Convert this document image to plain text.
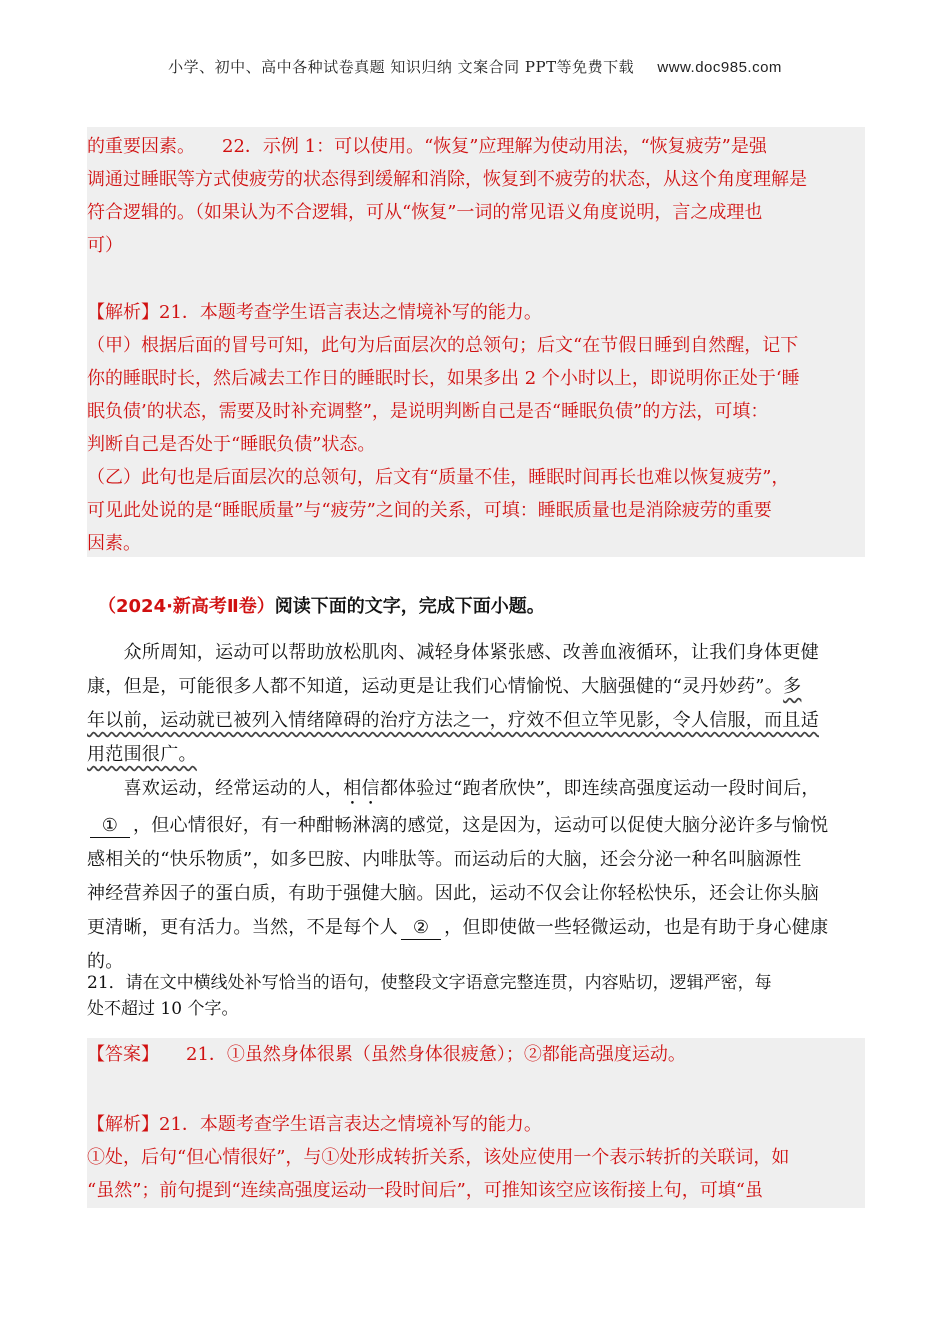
小学、初中、高中各种试卷真题 知识归纳 文案合同 PPT等免费下载 www.doc985.com
的重要因素。　　22．示例 1：可以使用。“恢复”应理解为使动用法，“恢复疲劳”是强
调通过睡眠等方式使疲劳的状态得到缓解和消除，恢复到不疲劳的状态，从这个角度理解是
符合逻辑的。（如果认为不合逻辑，可从“恢复”一词的常见语义角度说明，言之成理也
可）
【解析】21．本题考查学生语言表达之情境补写的能力。
（甲）根据后面的冒号可知，此句为后面层次的总领句；后文“在节假日睡到自然醒，记下
你的睡眠时长，然后减去工作日的睡眠时长，如果多出 2 个小时以上，即说明你正处于‘睡
眠负债’的状态，需要及时补充调整”，是说明判断自己是否“睡眠负债”的方法，可填：
判断自己是否处于“睡眠负债”状态。
（乙）此句也是后面层次的总领句，后文有“质量不佳，睡眠时间再长也难以恢复疲劳”，
可见此处说的是“睡眠质量”与“疲劳”之间的关系，可填：睡眠质量也是消除疲劳的重要
因素。
（2024·新高考Ⅱ卷）阅读下面的文字，完成下面小题。
　　众所周知，运动可以帮助放松肌肉、减轻身体紧张感、改善血液循环，让我们身体更健
康，但是，可能很多人都不知道，运动更是让我们心情愉悦、大脑强健的“灵丹妙药”。多
年以前，运动就已被列入情绪障碍的治疗方法之一，疗效不但立竿见影，令人信服，而且适
用范围很广。
　　喜欢运动，经常运动的人，相信都体验过“跑者欣快”，即连续高强度运动一段时间后，
① ，但心情很好，有一种酣畅淋漓的感觉，这是因为，运动可以促使大脑分泌许多与愉悦
感相关的“快乐物质”，如多巴胺、内啡肽等。而运动后的大脑，还会分泌一种名叫脑源性
神经营养因子的蛋白质，有助于强健大脑。因此，运动不仅会让你轻松快乐，还会让你头脑
更清晰，更有活力。当然，不是每个人 ② ，但即使做一些轻微运动，也是有助于身心健康
的。
21．请在文中横线处补写恰当的语句，使整段文字语意完整连贯，内容贴切，逻辑严密，每
处不超过 10 个字。
【答案】　　21．①虽然身体很累（虽然身体很疲惫）；②都能高强度运动。
【解析】21．本题考查学生语言表达之情境补写的能力。
①处，后句“但心情很好”，与①处形成转折关系，该处应使用一个表示转折的关联词，如
“虽然”；前句提到“连续高强度运动一段时间后”，可推知该空应该衔接上句，可填“虽
